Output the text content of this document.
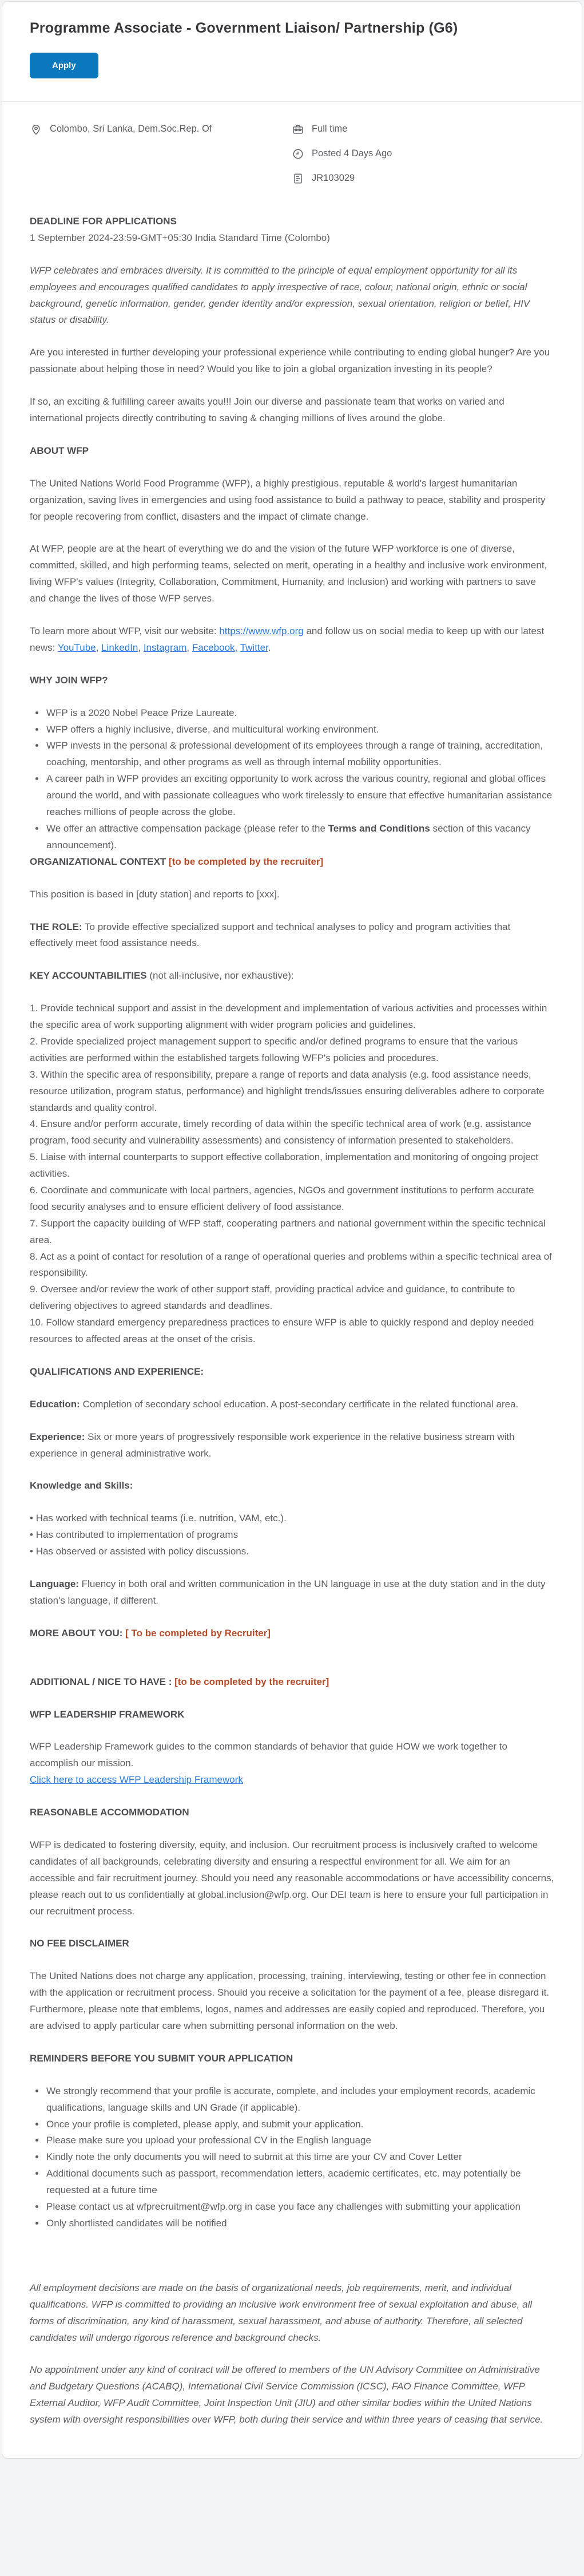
Programme Associate - Government Liaison/ Partnership (G6)
Apply
Colombo, Sri Lanka, Dem.Soc.Rep. Of	Full time
Posted 4 Days Ago
JR103029

DEADLINE FOR APPLICATIONS
1 September 2024-23:59-GMT+05:30 India Standard Time (Colombo)

WFP celebrates and embraces diversity. It is committed to the principle of equal employment opportunity for all its employees and encourages qualified candidates to apply irrespective of race, colour, national origin, ethnic or social background, genetic information, gender, gender identity and/or expression, sexual orientation, religion or belief, HIV status or disability.

Are you interested in further developing your professional experience while contributing to ending global hunger? Are you passionate about helping those in need? Would you like to join a global organization investing in its people?

If so, an exciting & fulfilling career awaits you!!! Join our diverse and passionate team that works on varied and international projects directly contributing to saving & changing millions of lives around the globe.

ABOUT WFP

The United Nations World Food Programme (WFP), a highly prestigious, reputable & world's largest humanitarian organization, saving lives in emergencies and using food assistance to build a pathway to peace, stability and prosperity for people recovering from conflict, disasters and the impact of climate change.

At WFP, people are at the heart of everything we do and the vision of the future WFP workforce is one of diverse, committed, skilled, and high performing teams, selected on merit, operating in a healthy and inclusive work environment, living WFP's values (Integrity, Collaboration, Commitment, Humanity, and Inclusion) and working with partners to save and change the lives of those WFP serves.

To learn more about WFP, visit our website: https://www.wfp.org and follow us on social media to keep up with our latest news: YouTube, LinkedIn, Instagram, Facebook, Twitter.

WHY JOIN WFP?

• WFP is a 2020 Nobel Peace Prize Laureate.
• WFP offers a highly inclusive, diverse, and multicultural working environment.
• WFP invests in the personal & professional development of its employees through a range of training, accreditation, coaching, mentorship, and other programs as well as through internal mobility opportunities.
• A career path in WFP provides an exciting opportunity to work across the various country, regional and global offices around the world, and with passionate colleagues who work tirelessly to ensure that effective humanitarian assistance reaches millions of people across the globe.
• We offer an attractive compensation package (please refer to the Terms and Conditions section of this vacancy announcement).

ORGANIZATIONAL CONTEXT [to be completed by the recruiter]

This position is based in [duty station] and reports to [xxx].

THE ROLE: To provide effective specialized support and technical analyses to policy and program activities that effectively meet food assistance needs.

KEY ACCOUNTABILITIES (not all-inclusive, nor exhaustive):

1. Provide technical support and assist in the development and implementation of various activities and processes within the specific area of work supporting alignment with wider program policies and guidelines.

2. Provide specialized project management support to specific and/or defined programs to ensure that the various activities are performed within the established targets following WFP's policies and procedures.

3. Within the specific area of responsibility, prepare a range of reports and data analysis (e.g. food assistance needs, resource utilization, program status, performance) and highlight trends/issues ensuring deliverables adhere to corporate standards and quality control.

4. Ensure and/or perform accurate, timely recording of data within the specific technical area of work (e.g. assistance program, food security and vulnerability assessments) and consistency of information presented to stakeholders.

5. Liaise with internal counterparts to support effective collaboration, implementation and monitoring of ongoing project activities.

6. Coordinate and communicate with local partners, agencies, NGOs and government institutions to perform accurate food security analyses and to ensure efficient delivery of food assistance.

7. Support the capacity building of WFP staff, cooperating partners and national government within the specific technical area.

8. Act as a point of contact for resolution of a range of operational queries and problems within a specific technical area of responsibility.

9. Oversee and/or review the work of other support staff, providing practical advice and guidance, to contribute to delivering objectives to agreed standards and deadlines.

10. Follow standard emergency preparedness practices to ensure WFP is able to quickly respond and deploy needed resources to affected areas at the onset of the crisis.

QUALIFICATIONS AND EXPERIENCE:

Education: Completion of secondary school education. A post-secondary certificate in the related functional area.

Experience: Six or more years of progressively responsible work experience in the relative business stream with experience in general administrative work.

Knowledge and Skills:

• Has worked with technical teams (i.e. nutrition, VAM, etc.).

• Has contributed to implementation of programs

• Has observed or assisted with policy discussions.

Language: Fluency in both oral and written communication in the UN language in use at the duty station and in the duty station's language, if different.

MORE ABOUT YOU: [ To be completed by Recruiter]

ADDITIONAL / NICE TO HAVE : [to be completed by the recruiter]

WFP LEADERSHIP FRAMEWORK

WFP Leadership Framework guides to the common standards of behavior that guide HOW we work together to accomplish our mission.

Click here to access WFP Leadership Framework

REASONABLE ACCOMMODATION

WFP is dedicated to fostering diversity, equity, and inclusion. Our recruitment process is inclusively crafted to welcome candidates of all backgrounds, celebrating diversity and ensuring a respectful environment for all. We aim for an accessible and fair recruitment journey. Should you need any reasonable accommodations or have accessibility concerns, please reach out to us confidentially at global.inclusion@wfp.org. Our DEI team is here to ensure your full participation in our recruitment process.

NO FEE DISCLAIMER

The United Nations does not charge any application, processing, training, interviewing, testing or other fee in connection with the application or recruitment process. Should you receive a solicitation for the payment of a fee, please disregard it. Furthermore, please note that emblems, logos, names and addresses are easily copied and reproduced. Therefore, you are advised to apply particular care when submitting personal information on the web.

REMINDERS BEFORE YOU SUBMIT YOUR APPLICATION

• We strongly recommend that your profile is accurate, complete, and includes your employment records, academic qualifications, language skills and UN Grade (if applicable).
• Once your profile is completed, please apply, and submit your application.
• Please make sure you upload your professional CV in the English language
• Kindly note the only documents you will need to submit at this time are your CV and Cover Letter
• Additional documents such as passport, recommendation letters, academic certificates, etc. may potentially be requested at a future time
• Please contact us at wfprecruitment@wfp.org in case you face any challenges with submitting your application
• Only shortlisted candidates will be notified

All employment decisions are made on the basis of organizational needs, job requirements, merit, and individual qualifications. WFP is committed to providing an inclusive work environment free of sexual exploitation and abuse, all forms of discrimination, any kind of harassment, sexual harassment, and abuse of authority. Therefore, all selected candidates will undergo rigorous reference and background checks.

No appointment under any kind of contract will be offered to members of the UN Advisory Committee on Administrative and Budgetary Questions (ACABQ), International Civil Service Commission (ICSC), FAO Finance Committee, WFP External Auditor, WFP Audit Committee, Joint Inspection Unit (JIU) and other similar bodies within the United Nations system with oversight responsibilities over WFP, both during their service and within three years of ceasing that service.
